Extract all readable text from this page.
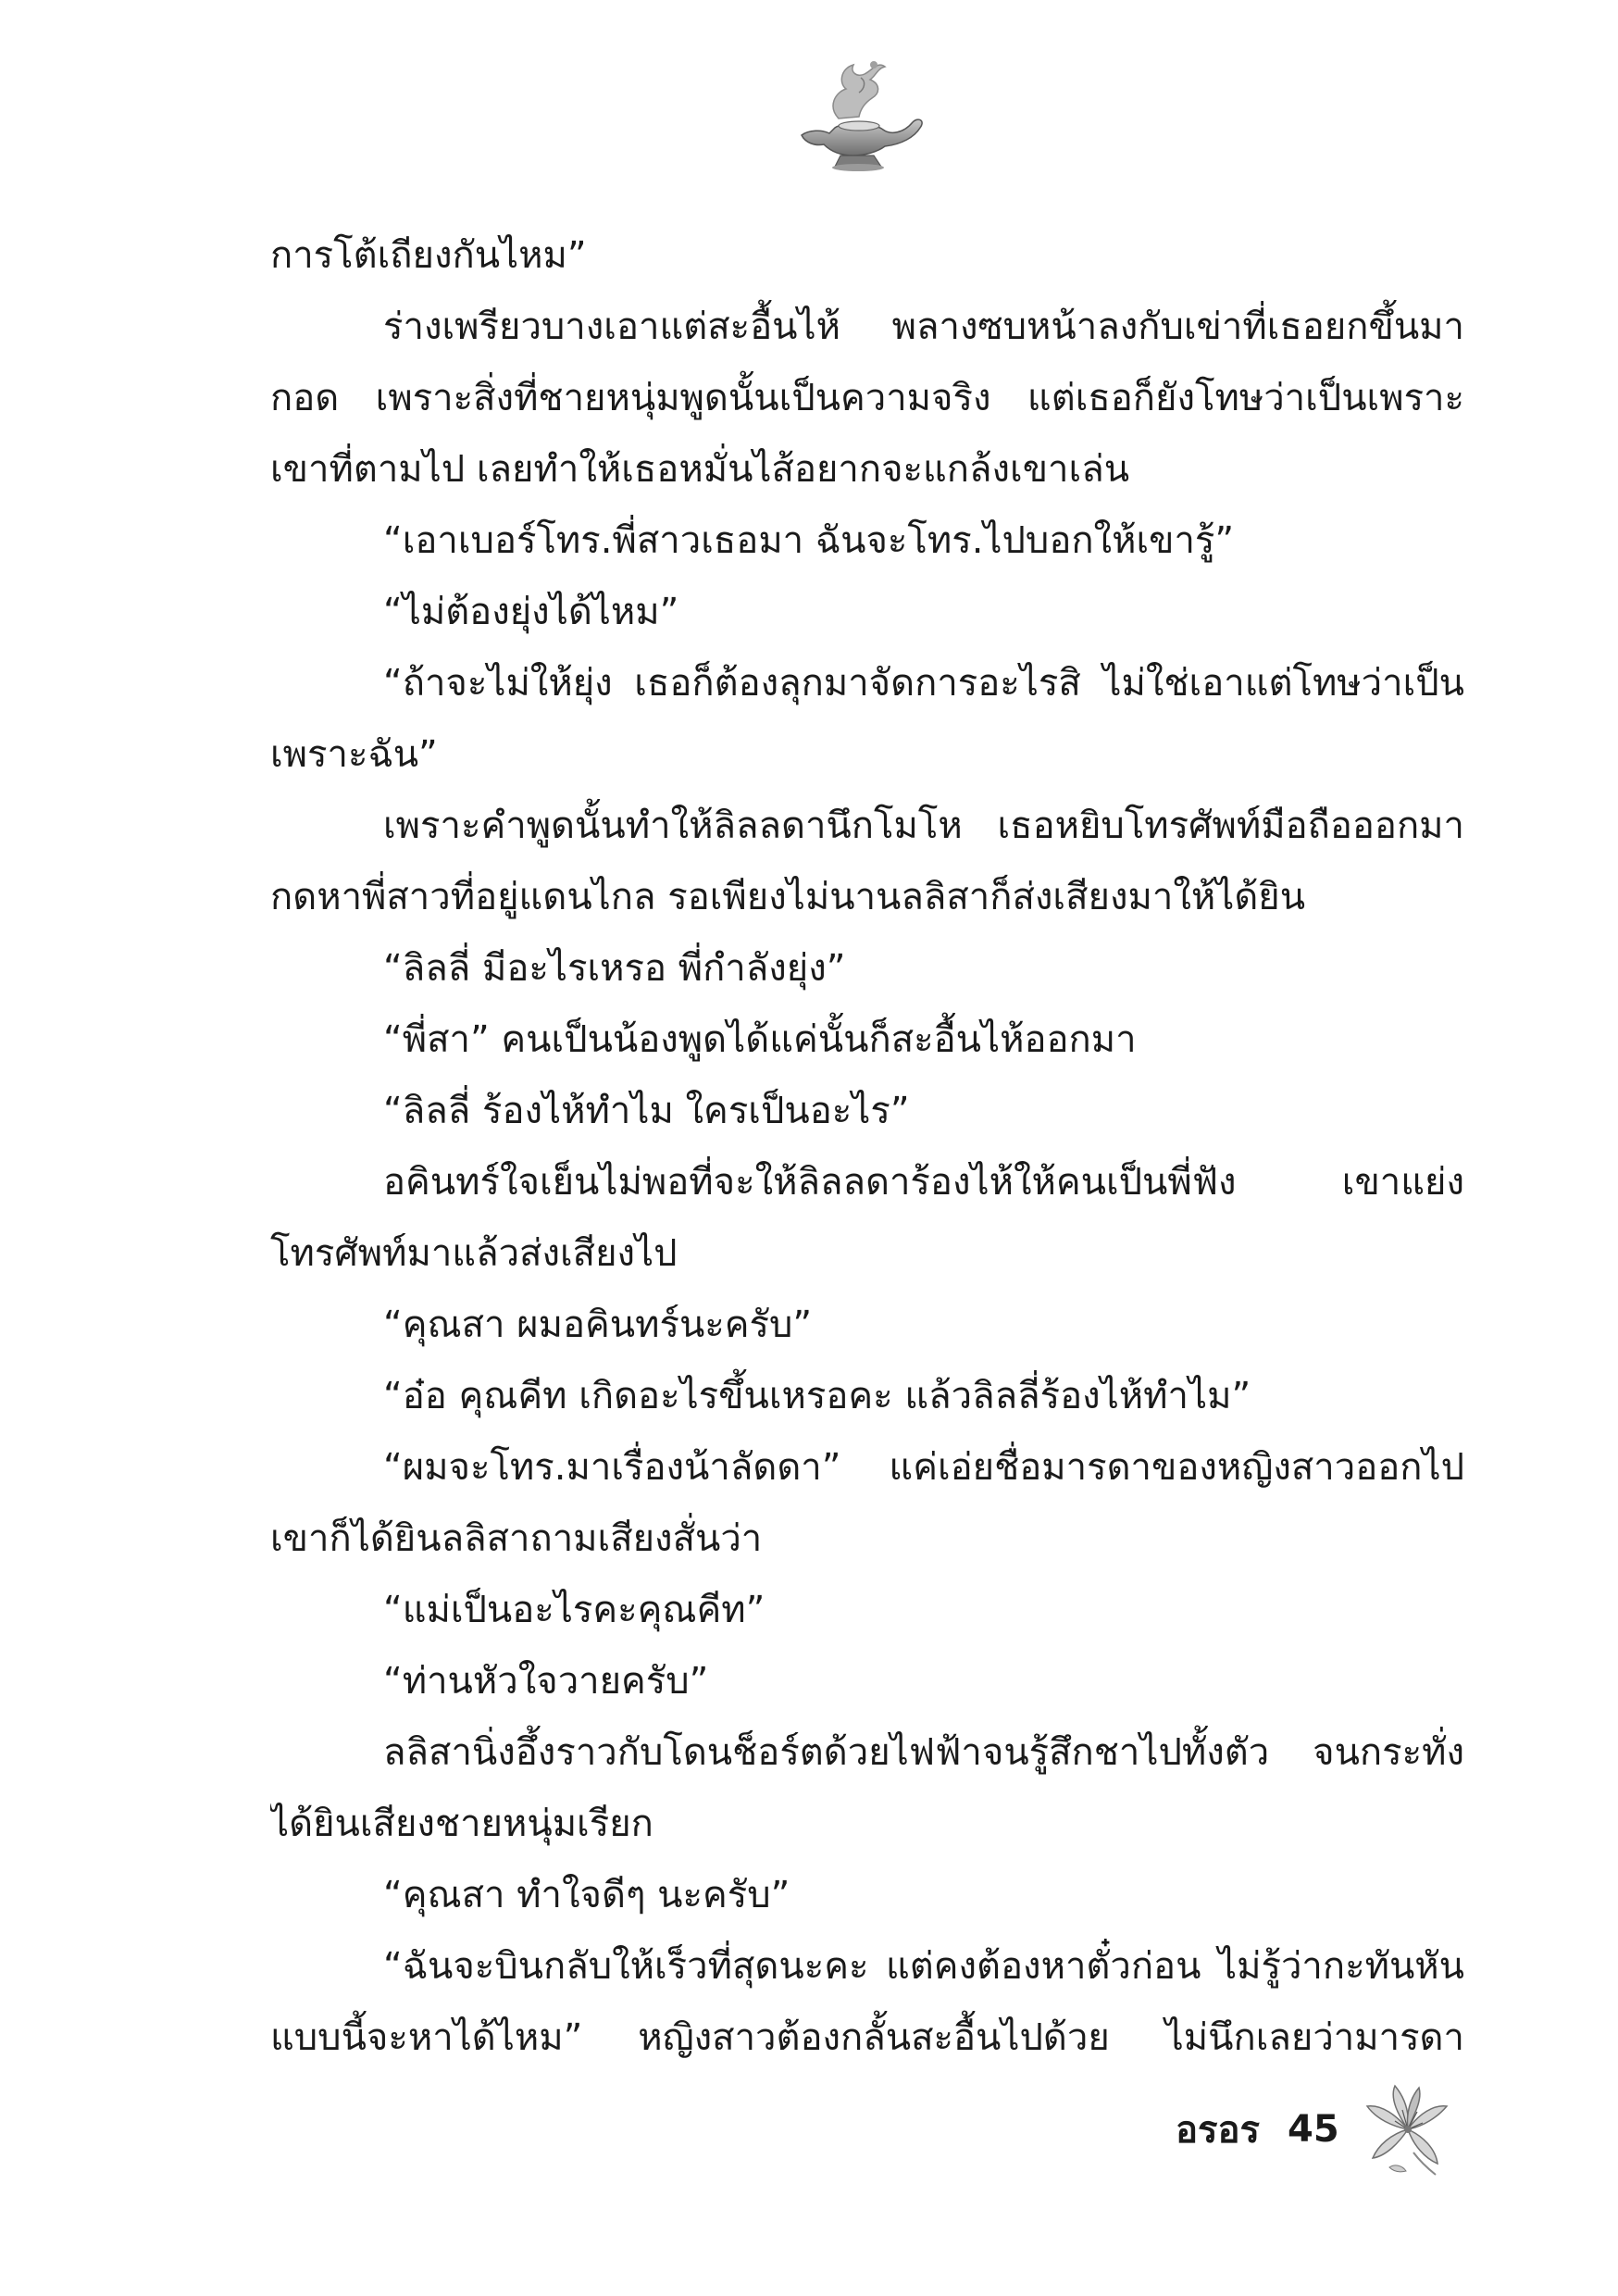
การโต้เถียงกันไหม”
ร่างเพรียวบางเอาแต่สะอื้นไห้ พลางซบหน้าลงกับเข่าที่เธอยกขึ้นมา
กอด เพราะสิ่งที่ชายหนุ่มพูดนั้นเป็นความจริง แต่เธอก็ยังโทษว่าเป็นเพราะ
เขาที่ตามไป เลยทำให้เธอหมั่นไส้อยากจะแกล้งเขาเล่น
“เอาเบอร์โทร.พี่สาวเธอมา ฉันจะโทร.ไปบอกให้เขารู้”
“ไม่ต้องยุ่งได้ไหม”
“ถ้าจะไม่ให้ยุ่ง เธอก็ต้องลุกมาจัดการอะไรสิ ไม่ใช่เอาแต่โทษว่าเป็น
เพราะฉัน”
เพราะคำพูดนั้นทำให้ลิลลดานึกโมโห เธอหยิบโทรศัพท์มือถือออกมา
กดหาพี่สาวที่อยู่แดนไกล รอเพียงไม่นานลลิสาก็ส่งเสียงมาให้ได้ยิน
“ลิลลี่ มีอะไรเหรอ พี่กำลังยุ่ง”
“พี่สา” คนเป็นน้องพูดได้แค่นั้นก็สะอื้นไห้ออกมา
“ลิลลี่ ร้องไห้ทำไม ใครเป็นอะไร”
อคินทร์ใจเย็นไม่พอที่จะให้ลิลลดาร้องไห้ให้คนเป็นพี่ฟัง เขาแย่ง
โทรศัพท์มาแล้วส่งเสียงไป
“คุณสา ผมอคินทร์นะครับ”
“อ๋อ คุณคีท เกิดอะไรขึ้นเหรอคะ แล้วลิลลี่ร้องไห้ทำไม”
“ผมจะโทร.มาเรื่องน้าลัดดา” แค่เอ่ยชื่อมารดาของหญิงสาวออกไป
เขาก็ได้ยินลลิสาถามเสียงสั่นว่า
“แม่เป็นอะไรคะคุณคีท”
“ท่านหัวใจวายครับ”
ลลิสานิ่งอึ้งราวกับโดนช็อร์ตด้วยไฟฟ้าจนรู้สึกชาไปทั้งตัว จนกระทั่ง
ได้ยินเสียงชายหนุ่มเรียก
“คุณสา ทำใจดีๆ นะครับ”
“ฉันจะบินกลับให้เร็วที่สุดนะคะ แต่คงต้องหาตั๋วก่อน ไม่รู้ว่ากะทันหัน
แบบนี้จะหาได้ไหม” หญิงสาวต้องกลั้นสะอื้นไปด้วย ไม่นึกเลยว่ามารดา
อรอร 45
